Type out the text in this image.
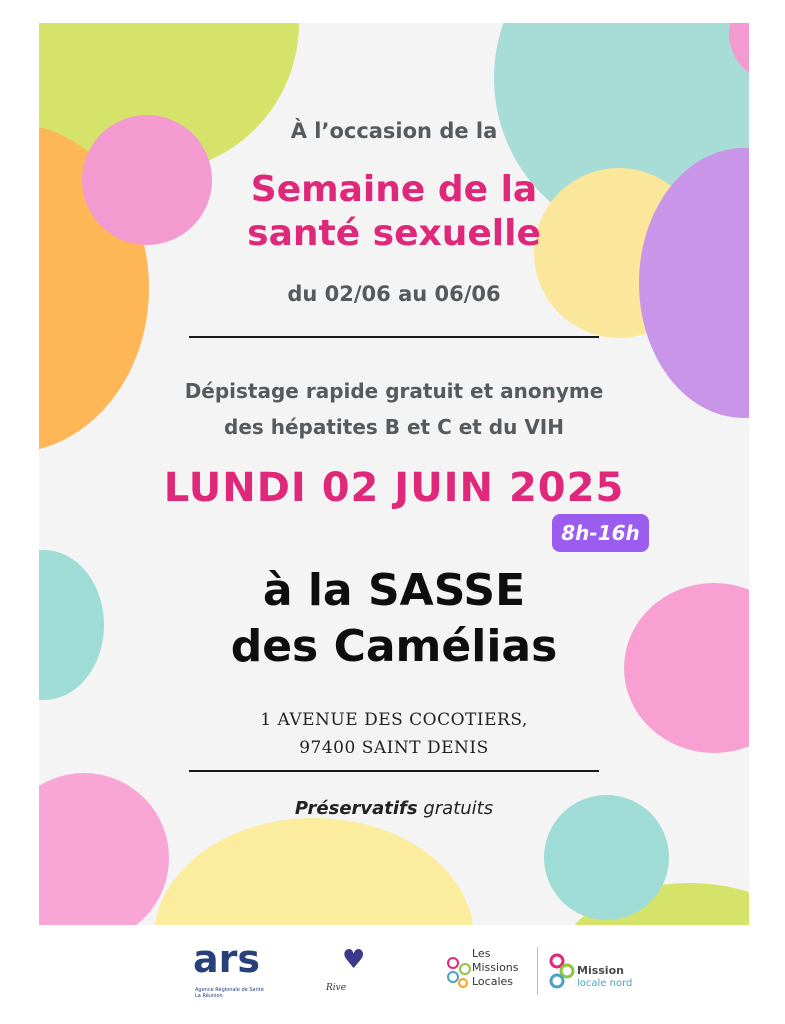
À l’occasion de la
Semaine de la
santé sexuelle
du 02/06 au 06/06
Dépistage rapide gratuit et anonyme
des hépatites B et C et du VIH
LUNDI 02 JUIN 2025
8h-16h
à la SASSE
des Camélias
1 AVENUE DES COCOTIERS,
97400 SAINT DENIS
Préservatifs gratuits
ars
Agence Régionale de Santé
La Réunion
♥
Rive
Les
Missions
Locales
Mission
locale nord
